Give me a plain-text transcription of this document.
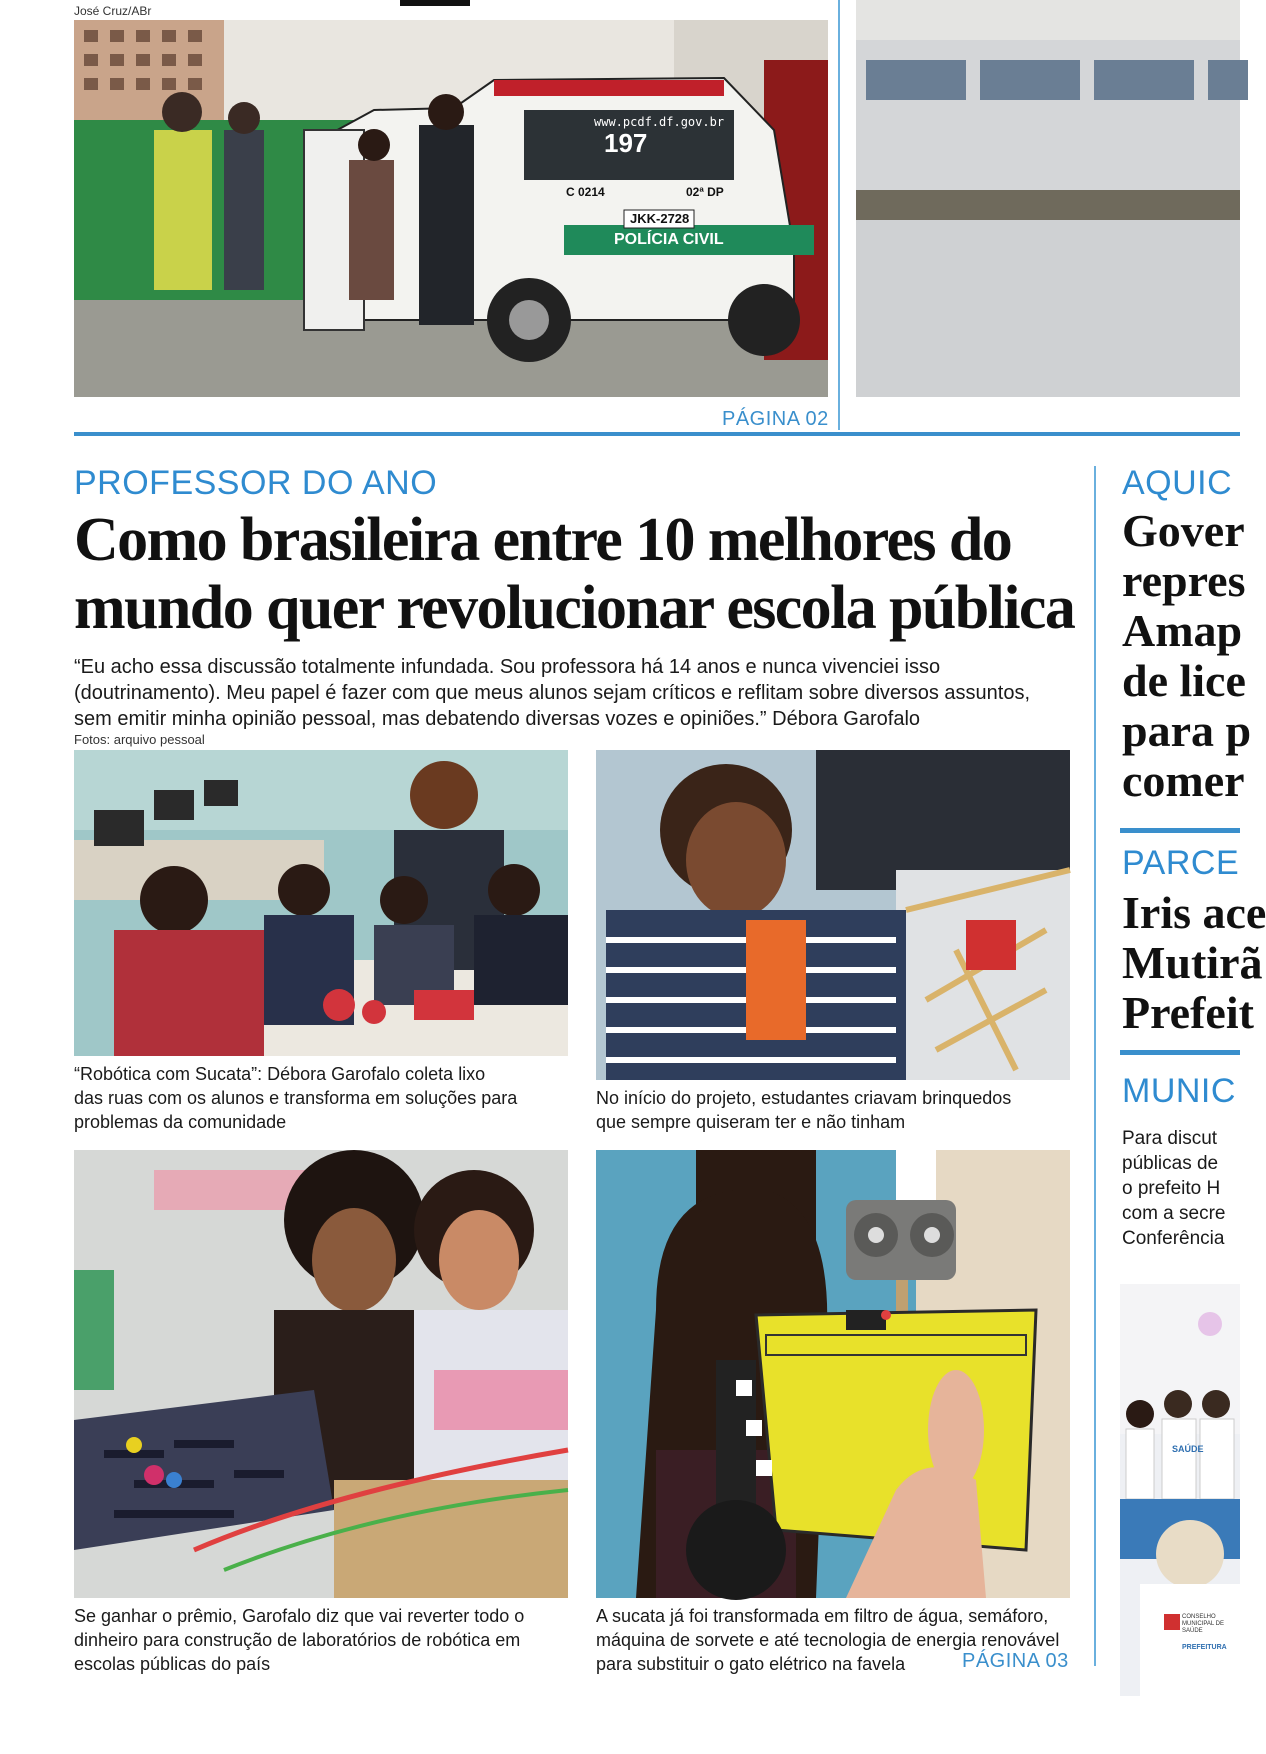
José Cruz/ABr
www.pcdf.df.gov.br
197
C 0214	02ª DP
JKK-2728
POLÍCIA CIVIL
PÁGINA 02
PROFESSOR DO ANO
Como brasileira entre 10 melhores do
mundo quer revolucionar escola pública
“Eu acho essa discussão totalmente infundada. Sou professora há 14 anos e nunca vivenciei isso
(doutrinamento). Meu papel é fazer com que meus alunos sejam críticos e reflitam sobre diversos assuntos,
sem emitir minha opinião pessoal, mas debatendo diversas vozes e opiniões.” Débora Garofalo
Fotos: arquivo pessoal
“Robótica com Sucata”: Débora Garofalo coleta lixo
das ruas com os alunos e transforma em soluções para
problemas da comunidade
No início do projeto, estudantes criavam brinquedos
que sempre quiseram ter e não tinham
Se ganhar o prêmio, Garofalo diz que vai reverter todo o
dinheiro para construção de laboratórios de robótica em
escolas públicas do país
A sucata já foi transformada em filtro de água, semáforo,
máquina de sorvete e até tecnologia de energia renovável
para substituir o gato elétrico na favela	PÁGINA 03
AQUIC
Gover
repres
Amap
de lice
para p
comer
PARCE
Iris ace
Mutirã
Prefeit
MUNIC
Para discut
públicas de
o prefeito H
com a secre
Conferência
SAÚDE
CONSELHO MUNICIPAL DE SAÚDE
PREFEITURA
